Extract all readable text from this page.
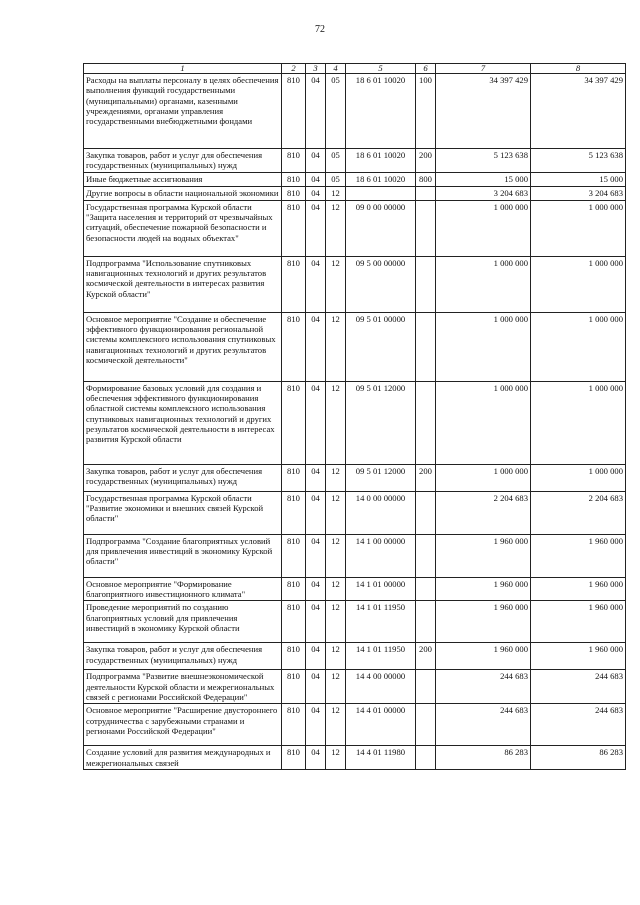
72
1	2	3	4	5	6	7	8
Расходы на выплаты персоналу в целях обеспечения выполнения функций государственными (муниципальными) органами, казенными учреждениями, органами управления государственными внебюджетными фондами	810	04	05	18 6 01 10020	100	34 397 429	34 397 429
Закупка товаров, работ и услуг для обеспечения государственных (муниципальных) нужд	810	04	05	18 6 01 10020	200	5 123 638	5 123 638
Иные бюджетные ассигнования	810	04	05	18 6 01 10020	800	15 000	15 000
Другие вопросы в области национальной экономики	810	04	12			3 204 683	3 204 683
Государственная программа Курской области "Защита населения и территорий от чрезвычайных ситуаций, обеспечение пожарной безопасности и безопасности людей на водных объектах"	810	04	12	09 0 00 00000		1 000 000	1 000 000
Подпрограмма "Использование спутниковых навигационных технологий и других результатов космической деятельности в интересах развития Курской области"	810	04	12	09 5 00 00000		1 000 000	1 000 000
Основное мероприятие "Создание и обеспечение эффективного функционирования региональной системы комплексного использования спутниковых навигационных технологий и других результатов космической деятельности"	810	04	12	09 5 01 00000		1 000 000	1 000 000
Формирование базовых условий для создания и обеспечения эффективного функционирования областной системы комплексного использования спутниковых навигационных технологий и других результатов космической деятельности в интересах развития Курской области	810	04	12	09 5 01 12000		1 000 000	1 000 000
Закупка товаров, работ и услуг для обеспечения государственных (муниципальных) нужд	810	04	12	09 5 01 12000	200	1 000 000	1 000 000
Государственная программа Курской области "Развитие экономики и внешних связей Курской области"	810	04	12	14 0 00 00000		2 204 683	2 204 683
Подпрограмма "Создание благоприятных условий для привлечения инвестиций в экономику Курской области"	810	04	12	14 1 00 00000		1 960 000	1 960 000
Основное мероприятие "Формирование благоприятного инвестиционного климата"	810	04	12	14 1 01 00000		1 960 000	1 960 000
Проведение мероприятий по созданию благоприятных условий для привлечения инвестиций в экономику Курской области	810	04	12	14 1 01 11950		1 960 000	1 960 000
Закупка товаров, работ и услуг для обеспечения государственных (муниципальных) нужд	810	04	12	14 1 01 11950	200	1 960 000	1 960 000
Подпрограмма "Развитие внешнеэкономической деятельности Курской области и межрегиональных связей с регионами Российской Федерации"	810	04	12	14 4 00 00000		244 683	244 683
Основное мероприятие "Расширение двустороннего сотрудничества с зарубежными странами и регионами Российской Федерации"	810	04	12	14 4 01 00000		244 683	244 683
Создание условий для развития международных и межрегиональных связей	810	04	12	14 4 01 11980		86 283	86 283
